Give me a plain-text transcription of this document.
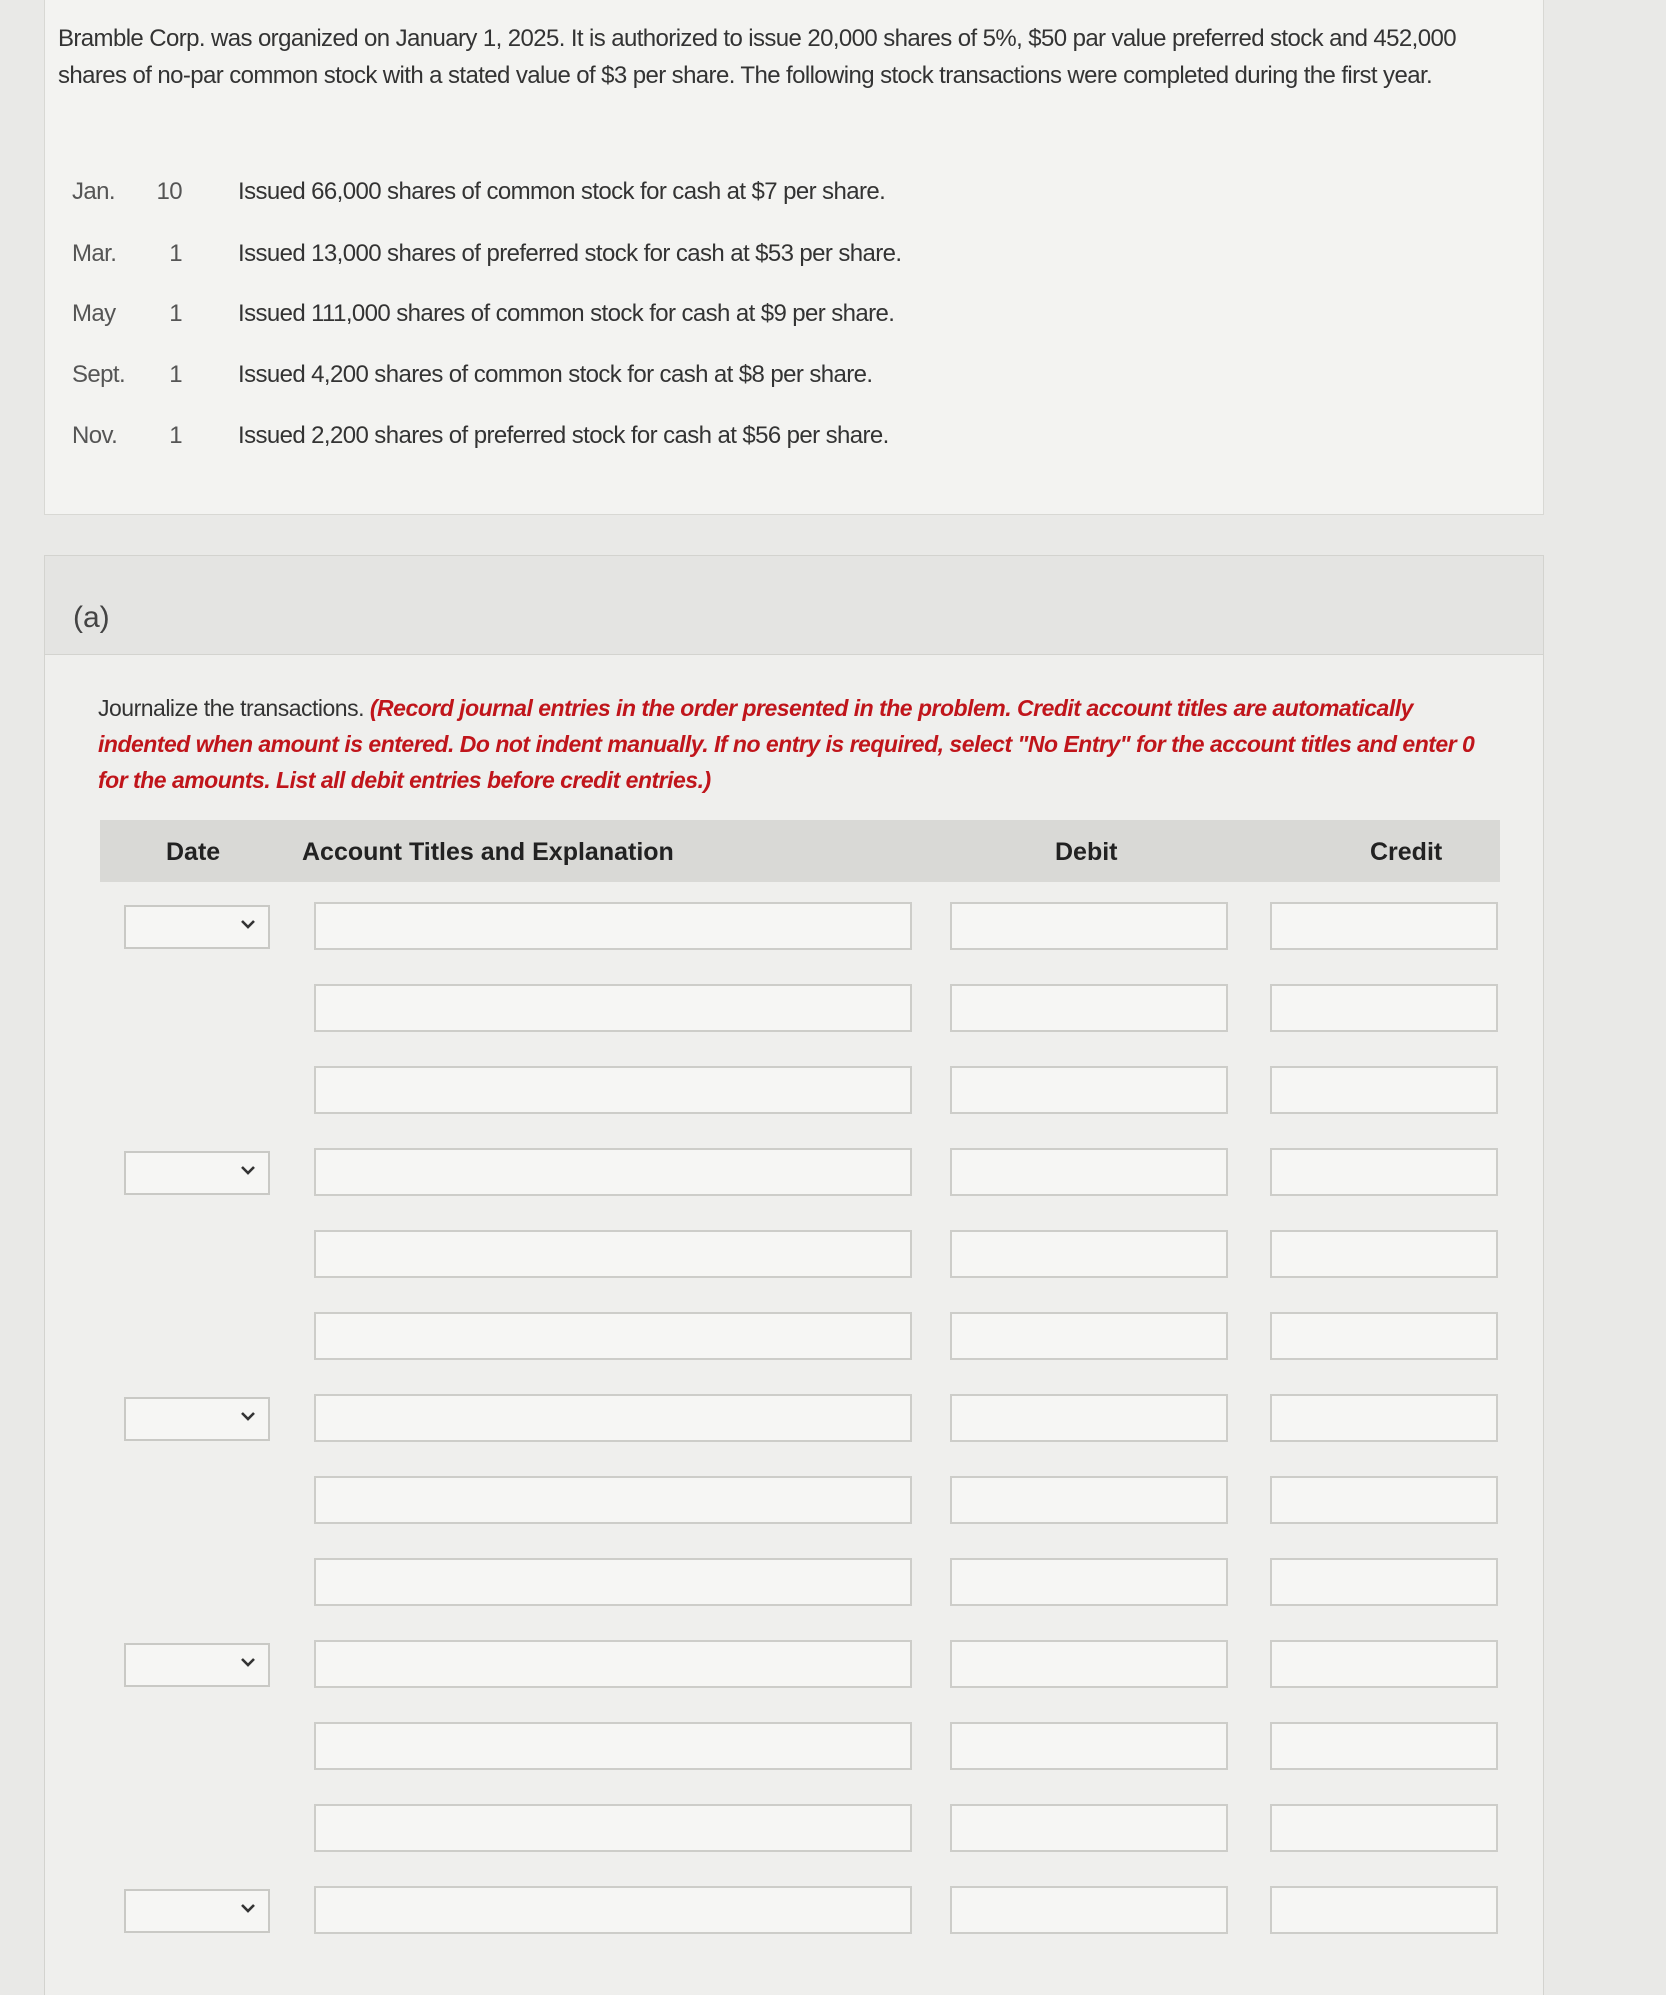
Bramble Corp. was organized on January 1, 2025. It is authorized to issue 20,000 shares of 5%, $50 par value preferred stock and 452,000 shares of no-par common stock with a stated value of $3 per share. The following stock transactions were completed during the first year.

Jan. 10 Issued 66,000 shares of common stock for cash at $7 per share.
Mar.	1 Issued 13,000 shares of preferred stock for cash at $53 per share.
May	1 Issued 111,000 shares of common stock for cash at $9 per share.
Sept.	1 Issued 4,200 shares of common stock for cash at $8 per share.
Nov.	1 Issued 2,200 shares of preferred stock for cash at $56 per share.
(a)

Journalize the transactions. (Record journal entries in the order presented in the problem. Credit account titles are automatically indented when amount is entered. Do not indent manually. If no entry is required, select "No Entry" for the account titles and enter 0 for the amounts. List all debit entries before credit entries.)

Date	Account Titles and Explanation	Debit	Credit
